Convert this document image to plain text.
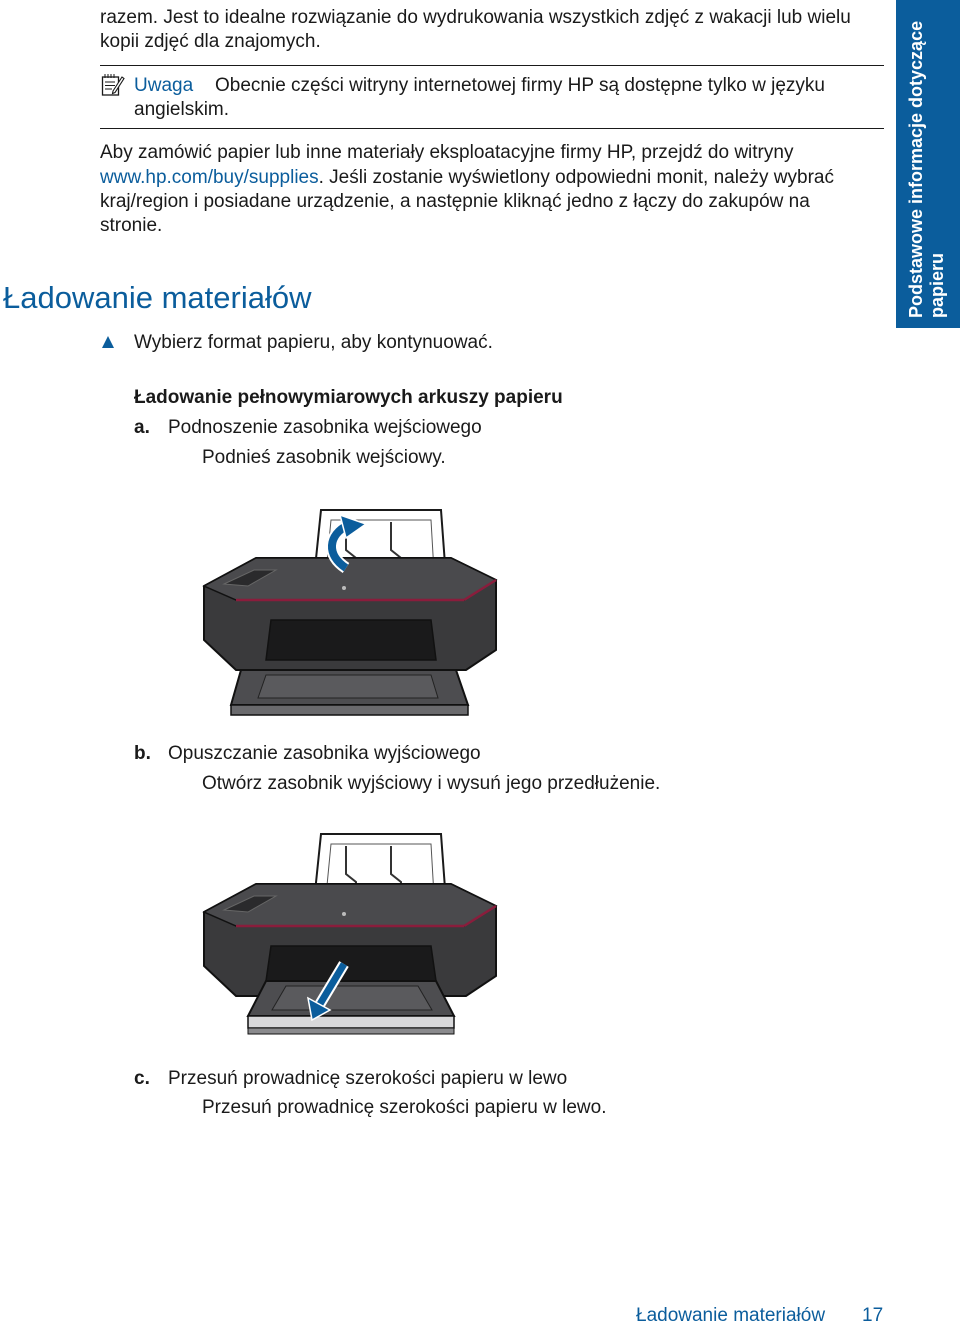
razem. Jest to idealne rozwiązanie do wydrukowania wszystkich zdjęć z wakacji lub wielu
kopii zdjęć dla znajomych.
Uwaga Obecnie części witryny internetowej firmy HP są dostępne tylko w języku
angielskim.
Aby zamówić papier lub inne materiały eksploatacyjne firmy HP, przejdź do witryny
www.hp.com/buy/supplies. Jeśli zostanie wyświetlony odpowiedni monit, należy wybrać
kraj/region i posiadane urządzenie, a następnie kliknąć jedno z łączy do zakupów na
stronie.	Podstawowe informacje dotyczące papieru
Ładowanie materiałów
Wybierz format papieru, aby kontynuować.
Ładowanie pełnowymiarowych arkuszy papieru
a. Podnoszenie zasobnika wejściowego
Podnieś zasobnik wejściowy.
b. Opuszczanie zasobnika wyjściowego
Otwórz zasobnik wyjściowy i wysuń jego przedłużenie.
c. Przesuń prowadnicę szerokości papieru w lewo
Przesuń prowadnicę szerokości papieru w lewo.
Ładowanie materiałów 17
